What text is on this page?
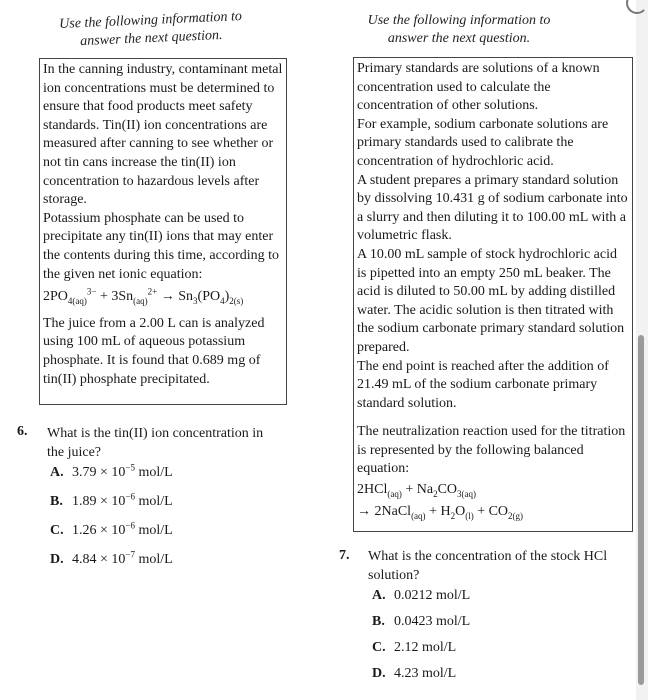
Use the following information to
answer the next question.

In the canning industry, contaminant metal ion concentrations must be determined to ensure that food products meet safety standards. Tin(II) ion concentrations are measured after canning to see whether or not tin cans increase the tin(II) ion concentration to hazardous levels after storage.

Potassium phosphate can be used to precipitate any tin(II) ions that may enter the contents during this time, according to the given net ionic equation:

$2PO_{4(aq)}^{3-} + 3Sn_{(aq)}^{2+} \to Sn_3(PO_4)_{2(s)}$

The juice from a 2.00 L can is analyzed using 100 mL of aqueous potassium phosphate. It is found that 0.689 mg of tin(II) phosphate precipitated.

6. What is the tin(II) ion concentration in the juice?
A. $3.79 \times 10^{-5}$ mol/L
B. $1.89 \times 10^{-6}$ mol/L
C. $1.26 \times 10^{-6}$ mol/L
D. $4.84 \times 10^{-7}$ mol/L
Use the following information to
answer the next question.

Primary standards are solutions of a known concentration used to calculate the concentration of other solutions.

For example, sodium carbonate solutions are primary standards used to calibrate the concentration of hydrochloric acid.

A student prepares a primary standard solution by dissolving 10.431 g of sodium carbonate into a slurry and then diluting it to 100.00 mL with a volumetric flask.

A 10.00 mL sample of stock hydrochloric acid is pipetted into an empty 250 mL beaker. The acid is diluted to 50.00 mL by adding distilled water. The acidic solution is then titrated with the sodium carbonate primary standard solution prepared.

The end point is reached after the addition of 21.49 mL of the sodium carbonate primary standard solution.

The neutralization reaction used for the titration is represented by the following balanced equation:

$2HCl_{(aq)} + Na_2CO_{3(aq)}$
→ 2NaCl$_{(aq)}$ + $H_2O_{(l)} + CO_{2(g)}$
7. What is the concentration of the stock HCl solution?
A. 0.0212 mol/L
B. 0.0423 mol/L
C. 2.12 mol/L
D. 4.23 mol/L
